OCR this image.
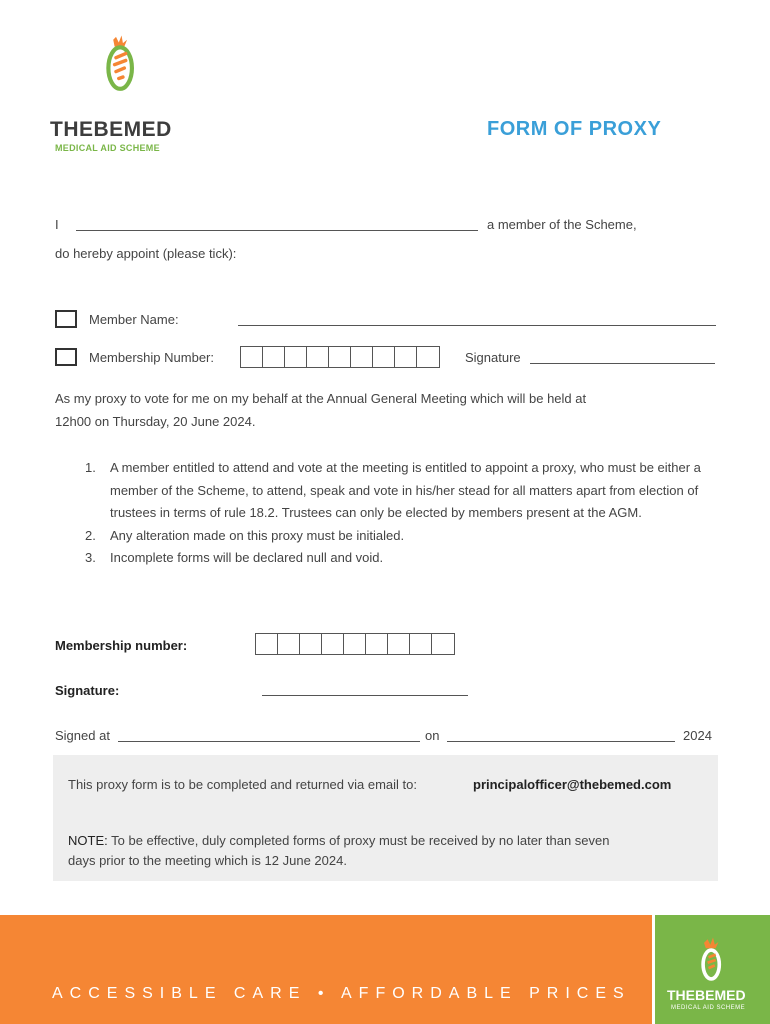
THEBEMED
MEDICAL AID SCHEME
FORM OF PROXY
I	a member of the Scheme,
do hereby appoint (please tick):
Member Name:
Membership Number:	Signature
As my proxy to vote for me on my behalf at the Annual General Meeting which will be held at
12h00 on Thursday, 20 June 2024.
1.	A member entitled to attend and vote at the meeting is entitled to appoint a proxy, who must be either a member of the Scheme, to attend, speak and vote in his/her stead for all matters apart from election of trustees in terms of rule 18.2. Trustees can only be elected by members present at the AGM.
2.	Any alteration made on this proxy must be initialed.
3.	Incomplete forms will be declared null and void.
Membership number:
Signature:
Signed at	on	2024
This proxy form is to be completed and returned via email to:	principalofficer@thebemed.com
NOTE: To be effective, duly completed forms of proxy must be received by no later than seven
days prior to the meeting which is 12 June 2024.
ACCESSIBLE CARE • AFFORDABLE PRICES	THEBEMED
MEDICAL AID SCHEME
